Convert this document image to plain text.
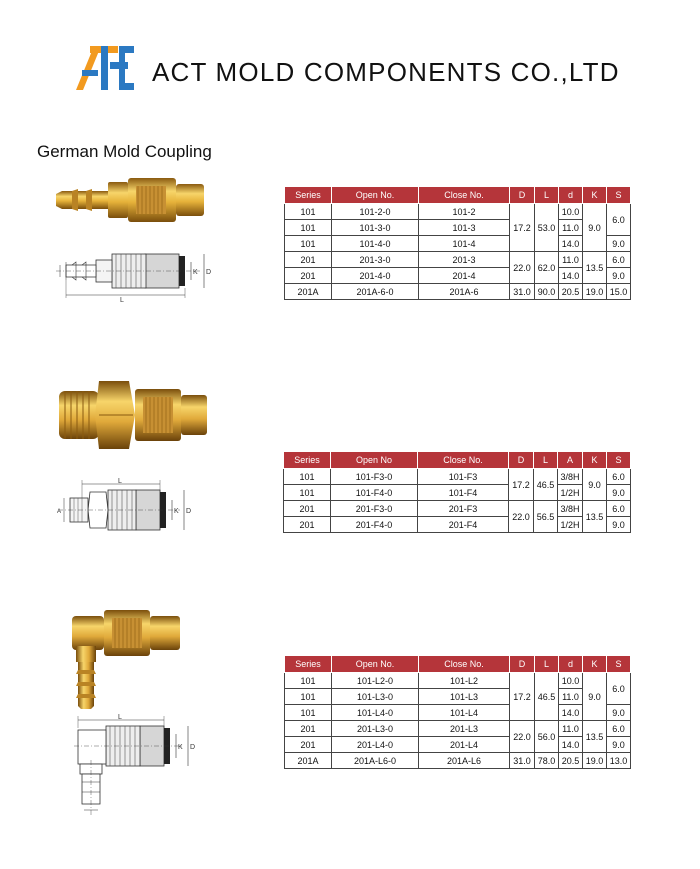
ACT MOLD COMPONENTS CO.,LTD
German Mold Coupling
L
K D
Series	Open No.	Close No.	D	L	d	K	S
101	101-2-0	101-2	17.2	53.0	10.0	9.0	6.0
101	101-3-0	101-3			11.0		
101	101-4-0	101-4			14.0		9.0
201	201-3-0	201-3	22.0	62.0	11.0	13.5	6.0
201	201-4-0	201-4			14.0		9.0
201A	201A-6-0	201A-6	31.0	90.0	20.5	19.0	15.0
L
A	K D
Series	Open No	Close No.	D	L	A	K	S
101	101-F3-0	101-F3	17.2	46.5	3/8H	9.0	6.0
101	101-F4-0	101-F4			1/2H		9.0
201	201-F3-0	201-F3	22.0	56.5	3/8H	13.5	6.0
201	201-F4-0	201-F4			1/2H		9.0
L
K D
Series	Open No.	Close No.	D	L	d	K	S
101	101-L2-0	101-L2	17.2	46.5	10.0	9.0	6.0
101	101-L3-0	101-L3			11.0		
101	101-L4-0	101-L4			14.0		9.0
201	201-L3-0	201-L3	22.0	56.0	11.0	13.5	6.0
201	201-L4-0	201-L4			14.0		9.0
201A	201A-L6-0	201A-L6	31.0	78.0	20.5	19.0	13.0
